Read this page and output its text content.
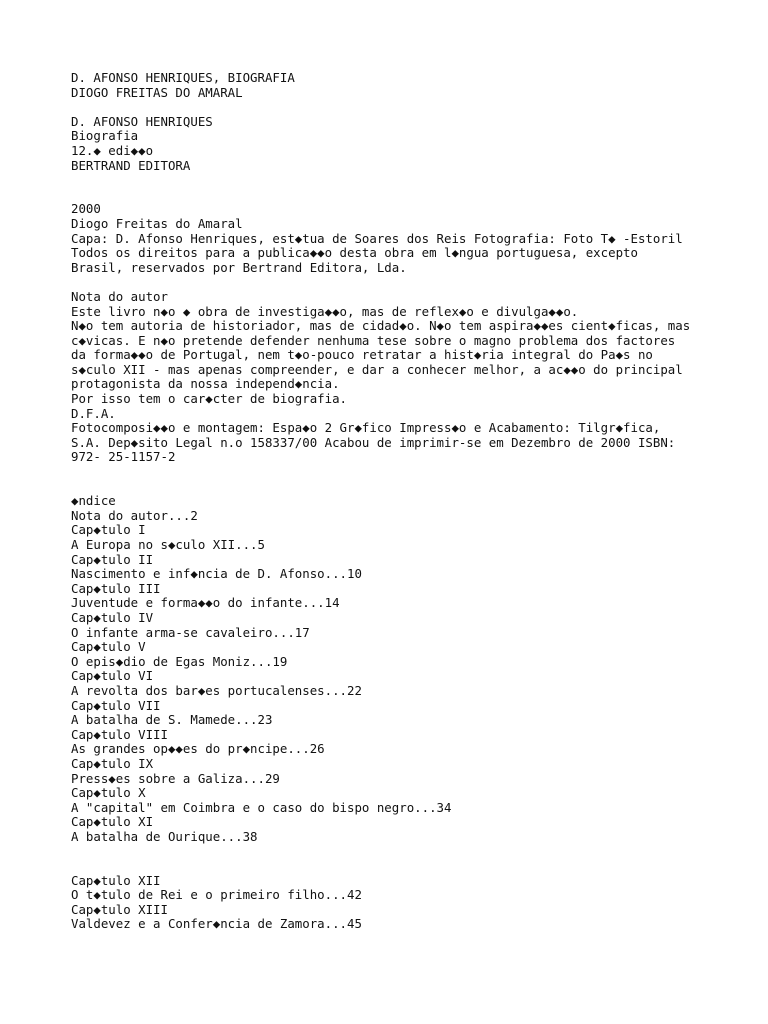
D. AFONSO HENRIQUES, BIOGRAFIA
DIOGO FREITAS DO AMARAL
D. AFONSO HENRIQUES
Biografia
12.◆ edi◆◆o
BERTRAND EDITORA
2000
Diogo Freitas do Amaral
Capa: D. Afonso Henriques, est◆tua de Soares dos Reis Fotografia: Foto T◆ -Estoril
Todos os direitos para a publica◆◆o desta obra em l◆ngua portuguesa, excepto
Brasil, reservados por Bertrand Editora, Lda.
Nota do autor
Este livro n◆o ◆ obra de investiga◆◆o, mas de reflex◆o e divulga◆◆o.
N◆o tem autoria de historiador, mas de cidad◆o. N◆o tem aspira◆◆es cient◆ficas, mas
c◆vicas. E n◆o pretende defender nenhuma tese sobre o magno problema dos factores
da forma◆◆o de Portugal, nem t◆o-pouco retratar a hist◆ria integral do Pa◆s no
s◆culo XII - mas apenas compreender, e dar a conhecer melhor, a ac◆◆o do principal
protagonista da nossa independ◆ncia.
Por isso tem o car◆cter de biografia.
D.F.A.
Fotocomposi◆◆o e montagem: Espa◆o 2 Gr◆fico Impress◆o e Acabamento: Tilgr◆fica,
S.A. Dep◆sito Legal n.o 158337/00 Acabou de imprimir-se em Dezembro de 2000 ISBN:
972- 25-1157-2
◆ndice
Nota do autor...2
Cap◆tulo I
A Europa no s◆culo XII...5
Cap◆tulo II
Nascimento e inf◆ncia de D. Afonso...10
Cap◆tulo III
Juventude e forma◆◆o do infante...14
Cap◆tulo IV
O infante arma-se cavaleiro...17
Cap◆tulo V
O epis◆dio de Egas Moniz...19
Cap◆tulo VI
A revolta dos bar◆es portucalenses...22
Cap◆tulo VII
A batalha de S. Mamede...23
Cap◆tulo VIII
As grandes op◆◆es do pr◆ncipe...26
Cap◆tulo IX
Press◆es sobre a Galiza...29
Cap◆tulo X
A "capital" em Coimbra e o caso do bispo negro...34
Cap◆tulo XI
A batalha de Ourique...38
Cap◆tulo XII
O t◆tulo de Rei e o primeiro filho...42
Cap◆tulo XIII
Valdevez e a Confer◆ncia de Zamora...45
